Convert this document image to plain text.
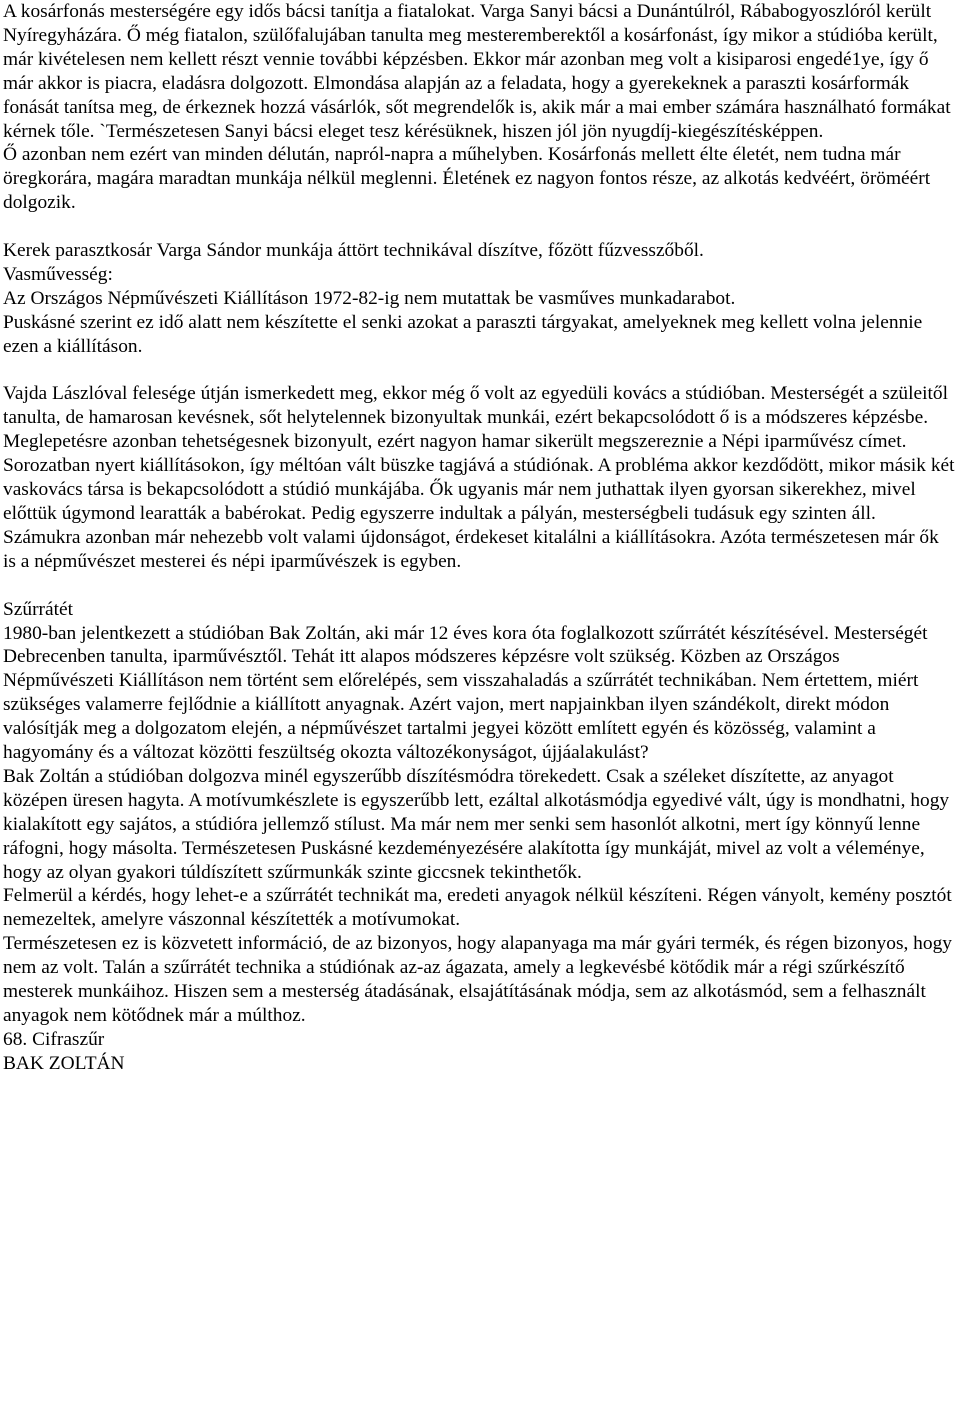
A kosárfonás mesterségére egy idős bácsi tanítja a fiatalokat. Varga Sanyi bácsi a Dunántúlról, Rábabogyoszlóról került Nyíregyházára. Ő még fiatalon, szülőfalujában tanulta meg mesteremberektől a kosárfonást, így mikor a stúdióba került, már kivételesen nem kellett részt vennie további képzésben. Ekkor már azonban meg volt a kisiparosi engedé1ye, így ő már akkor is piacra, eladásra dolgozott. Elmondása alapján az a feladata, hogy a gyerekeknek a paraszti kosárformák fonását tanítsa meg, de érkeznek hozzá vásárlók, sőt megrendelők is, akik már a mai ember számára használható formákat kérnek tőle. `Természetesen Sanyi bácsi eleget tesz kérésüknek, hiszen jól jön nyugdíj-kiegészítésképpen.

Ő azonban nem ezért van minden délután, napról-napra a műhelyben. Kosárfonás mellett élte életét, nem tudna már öregkorára, magára maradtan munkája nélkül meglenni. Életének ez nagyon fontos része, az alkotás kedvéért, öröméért dolgozik.

Kerek parasztkosár Varga Sándor munkája áttört technikával díszítve, főzött fűzvesszőből.

Vasművesség:

Az Országos Népművészeti Kiállításon 1972-82-ig nem mutattak be vasműves munkadarabot.

Puskásné szerint ez idő alatt nem készítette el senki azokat a paraszti tárgyakat, amelyeknek meg kellett volna jelennie ezen a kiállításon.

Vajda Lászlóval felesége útján ismerkedett meg, ekkor még ő volt az egyedüli kovács a stúdióban. Mesterségét a szüleitől tanulta, de hamarosan kevésnek, sőt helytelennek bizonyultak munkái, ezért bekapcsolódott ő is a módszeres képzésbe. Meglepetésre azonban tehetségesnek bizonyult, ezért nagyon hamar sikerült megszereznie a Népi iparművész címet. Sorozatban nyert kiállításokon, így méltóan vált büszke tagjává a stúdiónak. A probléma akkor kezdődött, mikor másik két vaskovács társa is bekapcsolódott a stúdió munkájába. Ők ugyanis már nem juthattak ilyen gyorsan sikerekhez, mivel előttük úgymond learatták a babérokat. Pedig egyszerre indultak a pályán, mesterségbeli tudásuk egy szinten áll. Számukra azonban már nehezebb volt valami újdonságot, érdekeset kitalálni a kiállításokra. Azóta természetesen már ők is a népművészet mesterei és népi iparművészek is egyben.

Szűrrátét

1980-ban jelentkezett a stúdióban Bak Zoltán, aki már 12 éves kora óta foglalkozott szűrrátét készítésével. Mesterségét Debrecenben tanulta, iparművésztől. Tehát itt alapos módszeres képzésre volt szükség. Közben az Országos Népművészeti Kiállításon nem történt sem előrelépés, sem visszahaladás a szűrrátét technikában. Nem értettem, miért szükséges valamerre fejlődnie a kiállított anyagnak. Azért vajon, mert napjainkban ilyen szándékolt, direkt módon valósítják meg a dolgozatom elején, a népművészet tartalmi jegyei között említett egyén és közösség, valamint a hagyomány és a változat közötti feszültség okozta változékonyságot, újjáalakulást?

Bak Zoltán a stúdióban dolgozva minél egyszerűbb díszítésmódra törekedett. Csak a széleket díszítette, az anyagot középen üresen hagyta. A motívumkészlete is egyszerűbb lett, ezáltal alkotásmódja egyedivé vált, úgy is mondhatni, hogy kialakított egy sajátos, a stúdióra jellemző stílust. Ma már nem mer senki sem hasonlót alkotni, mert így könnyű lenne ráfogni, hogy másolta. Természetesen Puskásné kezdeményezésére alakította így munkáját, mivel az volt a véleménye, hogy az olyan gyakori túldíszített szűrmunkák szinte giccsnek tekinthetők.

Felmerül a kérdés, hogy lehet-e a szűrrátét technikát ma, eredeti anyagok nélkül készíteni. Régen ványolt, kemény posztót nemezeltek, amelyre vászonnal készítették a motívumokat.

Természetesen ez is közvetett információ, de az bizonyos, hogy alapanyaga ma már gyári termék, és régen bizonyos, hogy nem az volt. Talán a szűrrátét technika a stúdiónak az-az ágazata, amely a legkevésbé kötődik már a régi szűrkészítő mesterek munkáihoz. Hiszen sem a mesterség átadásának, elsajátításának módja, sem az alkotásmód, sem a felhasznált anyagok nem kötődnek már a múlthoz.

68. Cifraszűr

BAK ZOLTÁN
